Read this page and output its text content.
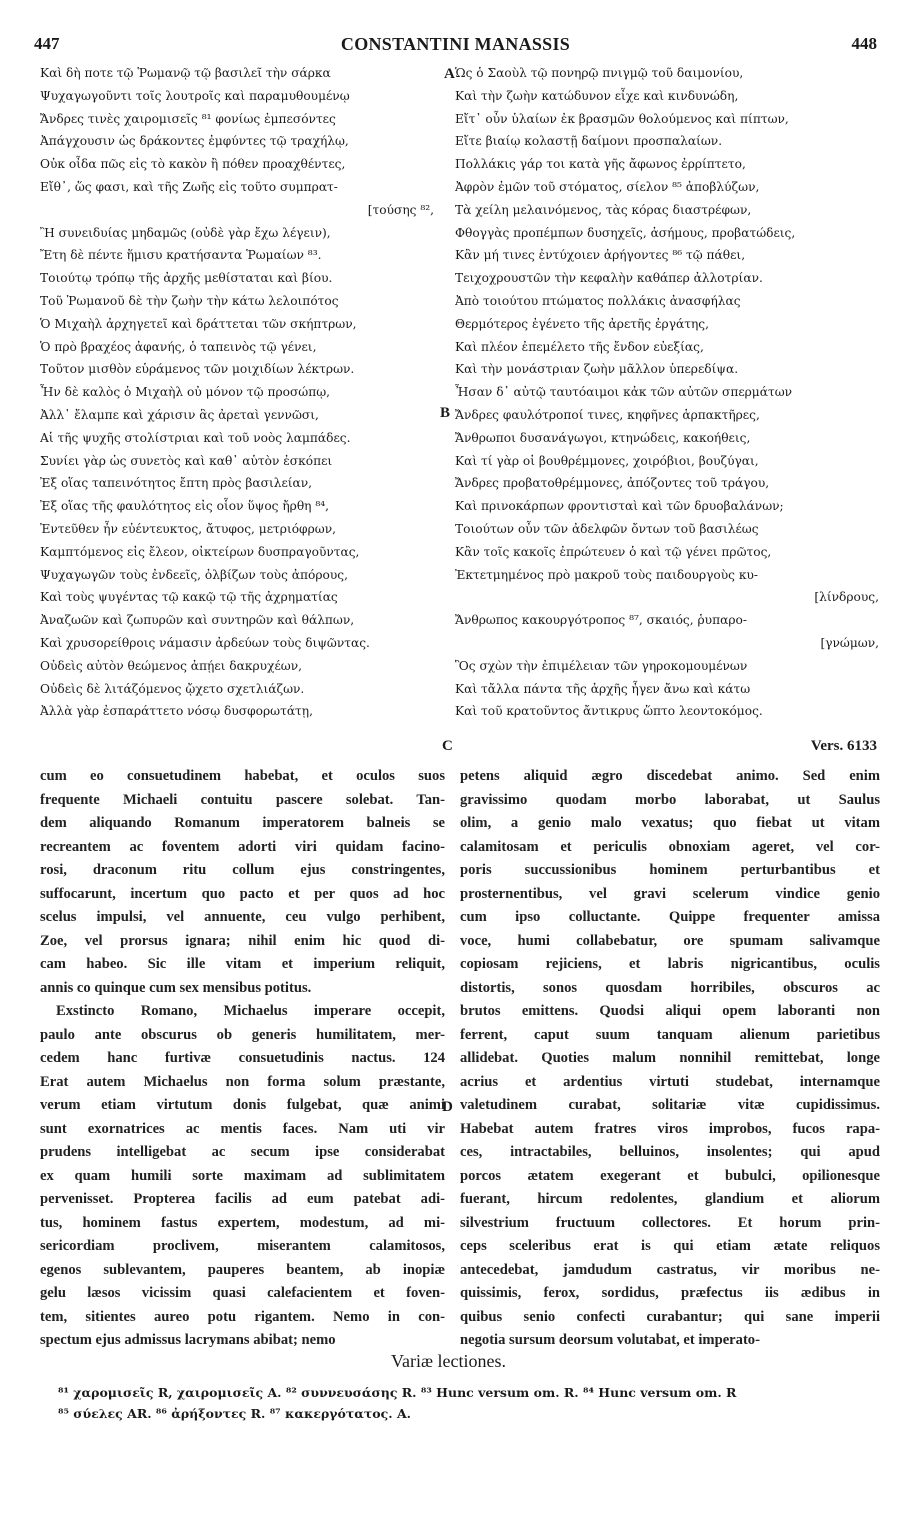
447	CONSTANTINI MANASSIS	448
A
B
C
D
Καὶ δὴ ποτε τῷ Ῥωμανῷ τῷ βασιλεῖ τὴν σάρκα
Ψυχαγωγοῦντι τοῖς λουτροῖς καὶ παραμυθουμένῳ
Ἄνδρες τινὲς χαιρομισεῖς ⁸¹ φονίως ἐμπεσόντες
Ἀπάγχουσιν ὡς δράκοντες ἐμφύντες τῷ τραχήλῳ,
Οὐκ οἶδα πῶς εἰς τὸ κακὸν ἢ πόθεν προαχθέντες,
Εἴθ᾽, ὥς φασι, καὶ τῆς Ζωῆς εἰς τοῦτο συμπρατ-
[τούσης ⁸²,
Ἢ συνειδυίας μηδαμῶς (οὐδὲ γὰρ ἔχω λέγειν),
Ἔτη δὲ πέντε ἥμισυ κρατήσαντα Ῥωμαίων ⁸³.
Τοιούτῳ τρόπῳ τῆς ἀρχῆς μεθίσταται καὶ βίου.
Τοῦ Ῥωμανοῦ δὲ τὴν ζωὴν τὴν κάτω λελοιπότος
Ὁ Μιχαὴλ ἀρχηγετεῖ καὶ δράττεται τῶν σκήπτρων,
Ὁ πρὸ βραχέος ἀφανής, ὁ ταπεινὸς τῷ γένει,
Τοῦτον μισθὸν εὑράμενος τῶν μοιχιδίων λέκτρων.
Ἦν δὲ καλὸς ὁ Μιχαὴλ οὐ μόνον τῷ προσώπῳ,
Ἀλλ᾽ ἔλαμπε καὶ χάρισιν ἃς ἀρεταὶ γεννῶσι,
Αἱ τῆς ψυχῆς στολίστριαι καὶ τοῦ νοὸς λαμπάδες.
Συνίει γὰρ ὡς συνετὸς καὶ καθ᾽ αὑτὸν ἐσκόπει
Ἐξ οἵας ταπεινότητος ἔπτη πρὸς βασιλείαν,
Ἐξ οἵας τῆς φαυλότητος εἰς οἷον ὕψος ἤρθη ⁸⁴,
Ἐντεῦθεν ἦν εὐέντευκτος, ἄτυφος, μετριόφρων,
Καμπτόμενος εἰς ἔλεον, οἰκτείρων δυσπραγοῦντας,
Ψυχαγωγῶν τοὺς ἐνδεεῖς, ὀλβίζων τοὺς ἀπόρους,
Καὶ τοὺς ψυγέντας τῷ κακῷ τῷ τῆς ἀχρηματίας
Ἀναζωῶν καὶ ζωπυρῶν καὶ συντηρῶν καὶ θάλπων,
Καὶ χρυσορείθροις νάμασιν ἀρδεύων τοὺς διψῶντας.
Οὐδεὶς αὐτὸν θεώμενος ἀπῄει δακρυχέων,
Οὐδεὶς δὲ λιτάζόμενος ᾤχετο σχετλιάζων.
Ἀλλὰ γὰρ ἐσπαράττετο νόσῳ δυσφορωτάτῃ,
Ὡς ὁ Σαοὺλ τῷ πονηρῷ πνιγμῷ τοῦ δαιμονίου,
Καὶ τὴν ζωὴν κατώδυνον εἶχε καὶ κινδυνώδη,
Εἴτ᾽ οὖν ὑλαίων ἐκ βρασμῶν θολούμενος καὶ πίπτων,
Εἴτε βιαίῳ κολαστῇ δαίμονι προσπαλαίων.
Πολλάκις γάρ τοι κατὰ γῆς ἄφωνος ἐρρίπτετο,
Ἀφρὸν ἐμῶν τοῦ στόματος, σίελον ⁸⁵ ἀποβλύζων,
Τὰ χείλη μελαινόμενος, τὰς κόρας διαστρέφων,
Φθογγὰς προπέμπων δυσηχεῖς, ἀσήμους, προβατώδεις,
Κἂν μή τινες ἐντύχοιεν ἀρήγοντες ⁸⁶ τῷ πάθει,
Τειχοχρουστῶν τὴν κεφαλὴν καθάπερ ἀλλοτρίαν.
Ἀπὸ τοιούτου πτώματος πολλάκις ἀνασφήλας
Θερμότερος ἐγένετο τῆς ἀρετῆς ἐργάτης,
Καὶ πλέον ἐπεμέλετο τῆς ἔνδον εὐεξίας,
Καὶ τὴν μονάστριαν ζωὴν μᾶλλον ὑπερεδίψα.
Ἦσαν δ᾽ αὐτῷ ταυτόαιμοι κἀκ τῶν αὐτῶν σπερμάτων
Ἄνδρες φαυλότροποί τινες, κηφῆνες ἁρπακτῆρες,
Ἄνθρωποι δυσανάγωγοι, κτηνώδεις, κακοήθεις,
Καὶ τί γὰρ οἱ βουθρέμμονες, χοιρόβιοι, βουζύγαι,
Ἄνδρες προβατοθρέμμονες, ἀπόζοντες τοῦ τράγου,
Καὶ πρινοκάρπων φροντισταὶ καὶ τῶν δρυοβαλάνων;
Τοιούτων οὖν τῶν ἀδελφῶν ὄντων τοῦ βασιλέως
Κἂν τοῖς κακοῖς ἐπρώτευεν ὁ καὶ τῷ γένει πρῶτος,
Ἐκτετμημένος πρὸ μακροῦ τοὺς παιδουργοὺς κυ-
[λίνδρους,
Ἄνθρωπος κακουργότροπος ⁸⁷, σκαιός, ῥυπαρο-
[γνώμων,
Ὃς σχὼν τὴν ἐπιμέλειαν τῶν γηροκομουμένων
Καὶ τἄλλα πάντα τῆς ἀρχῆς ἦγεν ἄνω καὶ κάτω
Καὶ τοῦ κρατοῦντος ἄντικρυς ὥπτο λεοντοκόμος.
Vers. 6133
cum eo consuetudinem habebat, et oculos suos
frequente Michaeli contuitu pascere solebat. Tan-
dem aliquando Romanum imperatorem balneis se
recreantem ac foventem adorti viri quidam facino-
rosi, draconum ritu collum ejus constringentes,
suffocarunt, incertum quo pacto et per quos ad hoc
scelus impulsi, vel annuente, ceu vulgo perhibent,
Zoe, vel prorsus ignara; nihil enim hic quod di-
cam habeo. Sic ille vitam et imperium reliquit,
annis co quinque cum sex mensibus potitus.
Exstincto Romano, Michaelus imperare occepit,
paulo ante obscurus ob generis humilitatem, mer-
cedem hanc furtivæ consuetudinis nactus. 124
Erat autem Michaelus non forma solum præstante,
verum etiam virtutum donis fulgebat, quæ animi
sunt exornatrices ac mentis faces. Nam uti vir
prudens intelligebat ac secum ipse considerabat
ex quam humili sorte maximam ad sublimitatem
pervenisset. Propterea facilis ad eum patebat adi-
tus, hominem fastus expertem, modestum, ad mi-
sericordiam proclivem, miserantem calamitosos,
egenos sublevantem, pauperes beantem, ab inopiæ
gelu læsos vicissim quasi calefacientem et foven-
tem, sitientes aureo potu rigantem. Nemo in con-
spectum ejus admissus lacrymans abibat; nemo
petens aliquid ægro discedebat animo. Sed enim
gravissimo quodam morbo laborabat, ut Saulus
olim, a genio malo vexatus; quo fiebat ut vitam
calamitosam et periculis obnoxiam ageret, vel cor-
poris succussionibus hominem perturbantibus et
prosternentibus, vel gravi scelerum vindice genio
cum ipso colluctante. Quippe frequenter amissa
voce, humi collabebatur, ore spumam salivamque
copiosam rejiciens, et labris nigricantibus, oculis
distortis, sonos quosdam horribiles, obscuros ac
brutos emittens. Quodsi aliqui opem laboranti non
ferrent, caput suum tanquam alienum parietibus
allidebat. Quoties malum nonnihil remittebat, longe
acrius et ardentius virtuti studebat, internamque
valetudinem curabat, solitariæ vitæ cupidissimus.
Habebat autem fratres viros improbos, fucos rapa-
ces, intractabiles, belluinos, insolentes; qui apud
porcos ætatem exegerant et bubulci, opilionesque
fuerant, hircum redolentes, glandium et aliorum
silvestrium fructuum collectores. Et horum prin-
ceps sceleribus erat is qui etiam ætate reliquos
antecedebat, jamdudum castratus, vir moribus ne-
quissimis, ferox, sordidus, præfectus iis ædibus in
quibus senio confecti curabantur; qui sane imperii
negotia sursum deorsum volutabat, et imperato-
Variæ lectiones.
⁸¹ χαρομισεῖς R, χαιρομισεῖς A. ⁸² συννευσάσης R. ⁸³ Hunc versum om. R. ⁸⁴ Hunc versum om. R
⁸⁵ σύελες AR. ⁸⁶ ἀρήξοντες R. ⁸⁷ κακεργότατος. A.
